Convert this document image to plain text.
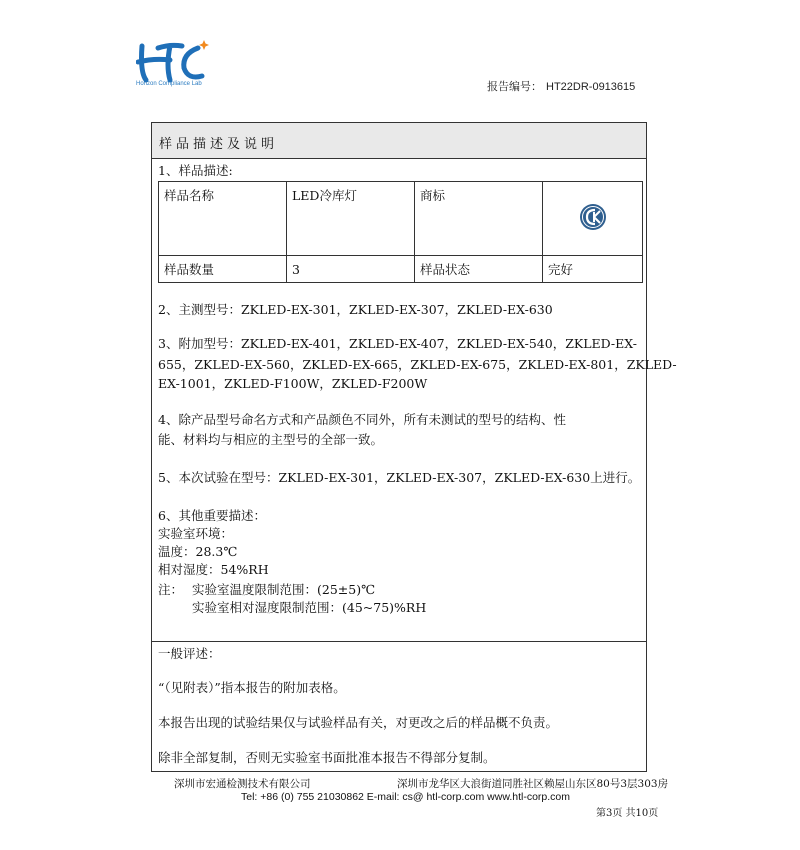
Horizon Compliance Lab	报告编号： HT22DR-0913615
样品描述及说明
1、样品描述:
样品名称	LED冷库灯	商标	
样品数量	3	样品状态	完好
2、主测型号：ZKLED-EX-301，ZKLED-EX-307，ZKLED-EX-630
3、附加型号：ZKLED-EX-401，ZKLED-EX-407，ZKLED-EX-540，ZKLED-EX-
655，ZKLED-EX-560，ZKLED-EX-665，ZKLED-EX-675，ZKLED-EX-801，ZKLED-
EX-1001，ZKLED-F100W，ZKLED-F200W
4、除产品型号命名方式和产品颜色不同外，所有未测试的型号的结构、性
能、材料均与相应的主型号的全部一致。
5、本次试验在型号：ZKLED-EX-301，ZKLED-EX-307，ZKLED-EX-630上进行。
6、其他重要描述：
实验室环境：
温度：28.3℃
相对湿度：54%RH
注： 实验室温度限制范围：(25±5)℃
实验室相对湿度限制范围：(45~75)%RH
一般评述：
“（见附表）”指本报告的附加表格。
本报告出现的试验结果仅与试验样品有关，对更改之后的样品概不负责。
除非全部复制，否则无实验室书面批准本报告不得部分复制。
深圳市宏通检测技术有限公司	深圳市龙华区大浪街道同胜社区赖屋山东区80号3层303房
Tel: +86 (0) 755 21030862 E-mail: cs@ htl-corp.com www.htl-corp.com
第3页 共10页
